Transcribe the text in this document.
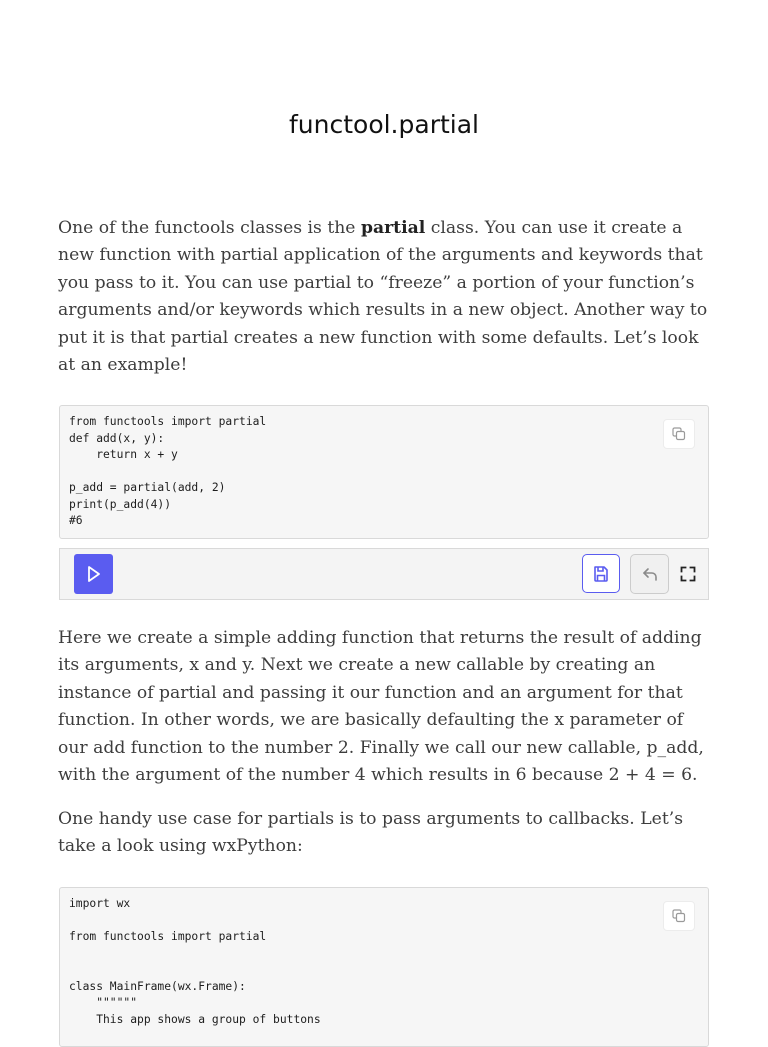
functool.partial

One of the functools classes is the partial class. You can use it create a new function with partial application of the arguments and keywords that you pass to it. You can use partial to “freeze” a portion of your function’s arguments and/or keywords which results in a new object. Another way to put it is that partial creates a new function with some defaults. Let’s look at an example!

from functools import partial
def add(x, y):
return x + y

p_add = partial(add, 2)
print(p_add(4))
#6

Here we create a simple adding function that returns the result of adding its arguments, x and y. Next we create a new callable by creating an instance of partial and passing it our function and an argument for that function. In other words, we are basically defaulting the x parameter of our add function to the number 2. Finally we call our new callable, p_add, with the argument of the number 4 which results in 6 because 2 + 4 = 6.

One handy use case for partials is to pass arguments to callbacks. Let’s take a look using wxPython:

import wx

from functools import partial

class MainFrame(wx.Frame):
""""""
This app shows a group of buttons
